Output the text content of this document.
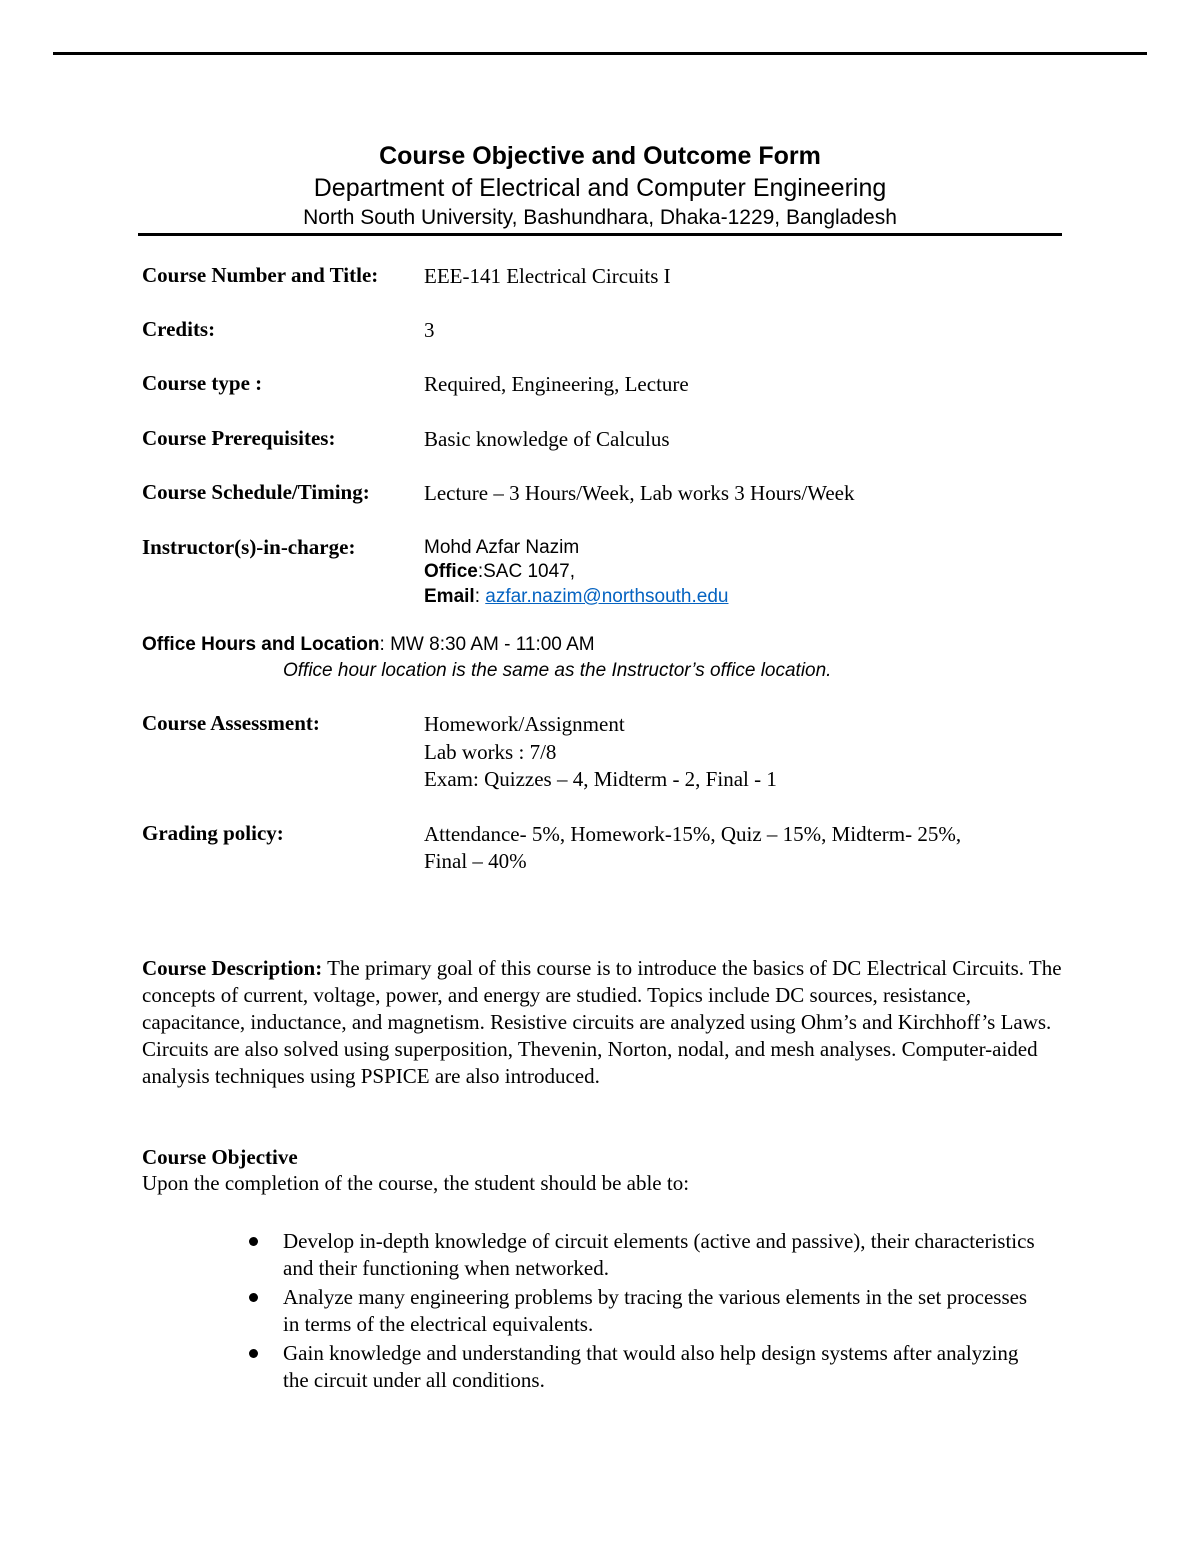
Course Objective and Outcome Form
Department of Electrical and Computer Engineering
North South University, Bashundhara, Dhaka-1229, Bangladesh
Course Number and Title: EEE-141 Electrical Circuits I
Credits:	3
Course type :	Required, Engineering, Lecture
Course Prerequisites:	Basic knowledge of Calculus
Course Schedule/Timing:	Lecture – 3 Hours/Week, Lab works 3 Hours/Week
Instructor(s)-in-charge:	Mohd Azfar Nazim
Office:SAC 1047,
Email: azfar.nazim@northsouth.edu
Office Hours and Location: MW 8:30 AM - 11:00 AM
Office hour location is the same as the Instructor’s office location.
Course Assessment:	Homework/Assignment
Lab works : 7/8
Exam: Quizzes – 4, Midterm - 2, Final - 1
Grading policy:	Attendance- 5%, Homework-15%, Quiz – 15%, Midterm- 25%,
Final – 40%
Course Description: The primary goal of this course is to introduce the basics of DC Electrical Circuits. The concepts of current, voltage, power, and energy are studied. Topics include DC sources, resistance, capacitance, inductance, and magnetism. Resistive circuits are analyzed using Ohm’s and Kirchhoff’s Laws. Circuits are also solved using superposition, Thevenin, Norton, nodal, and mesh analyses. Computer-aided analysis techniques using PSPICE are also introduced.
Course Objective
Upon the completion of the course, the student should be able to:
Develop in-depth knowledge of circuit elements (active and passive), their characteristics and their functioning when networked.
Analyze many engineering problems by tracing the various elements in the set processes in terms of the electrical equivalents.
Gain knowledge and understanding that would also help design systems after analyzing the circuit under all conditions.
